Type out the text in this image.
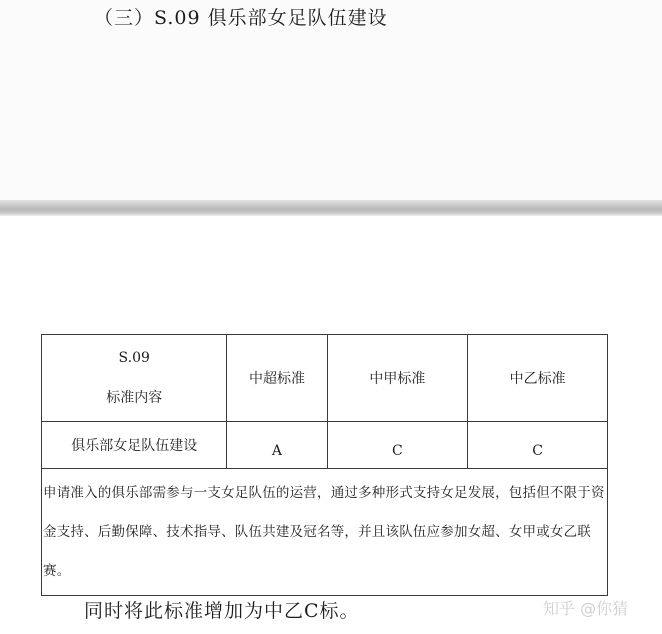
（三）S.09 俱乐部女足队伍建设
S.09
标准内容	中超标准	中甲标准	中乙标准
俱乐部女足队伍建设	A	C	C
申请准入的俱乐部需参与一支女足队伍的运营，通过多种形式支持女足发展，包括但不限于资金支持、后勤保障、技术指导、队伍共建及冠名等，并且该队伍应参加女超、女甲或女乙联赛。			
同时将此标准增加为中乙C标。	知乎 @你猜
